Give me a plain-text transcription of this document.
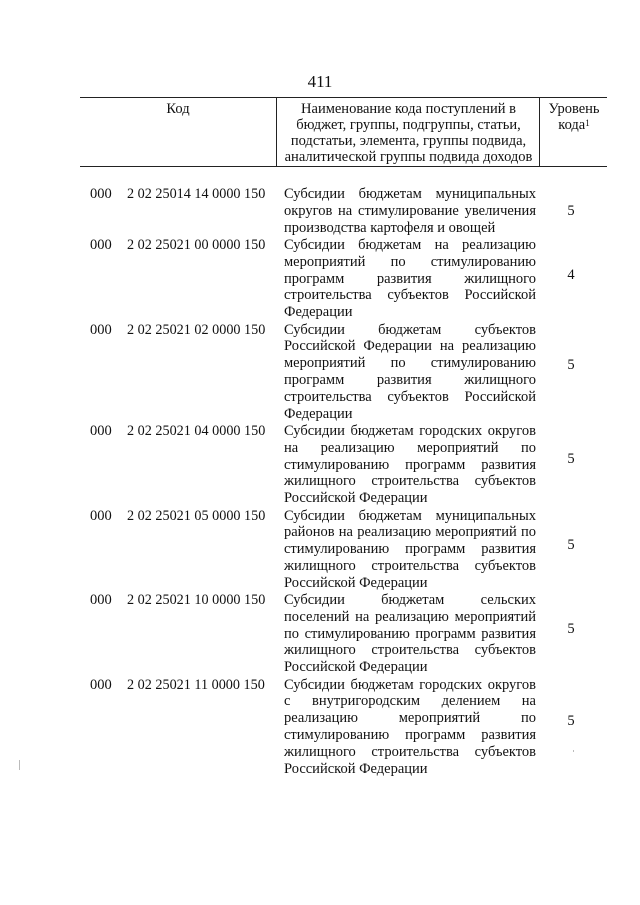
411
Код	Наименование кода поступлений в бюджет, группы, подгруппы, статьи, подстатьи, элемента, группы подвида, аналитической группы подвида доходов
Уровень кода$^1$
000 2 02 25014 14 0000 150 Субсидии бюджетам муниципальных округов на стимулирование увеличения производства картофеля и овощей
5
000 2 02 25021 00 0000 150 Субсидии бюджетам на реализацию мероприятий по стимулированию программ развития жилищного строительства субъектов Российской Федерации
4
000 2 02 25021 02 0000 150 Субсидии бюджетам субъектов Российской Федерации на реализацию мероприятий по стимулированию программ развития жилищного строительства субъектов Российской Федерации
5
000 2 02 25021 04 0000 150 Субсидии бюджетам городских округов на реализацию мероприятий по стимулированию программ развития жилищного строительства субъектов Российской Федерации
5
000 2 02 25021 05 0000 150 Субсидии бюджетам муниципальных районов на реализацию мероприятий по стимулированию программ развития жилищного строительства субъектов Российской Федерации
5
000 2 02 25021 10 0000 150 Субсидии бюджетам сельских поселений на реализацию мероприятий по стимулированию программ развития жилищного строительства субъектов Российской Федерации
5
000 2 02 25021 11 0000 150 Субсидии бюджетам городских округов с внутригородским делением на реализацию мероприятий по стимулированию программ развития жилищного строительства субъектов Российской Федерации
5
